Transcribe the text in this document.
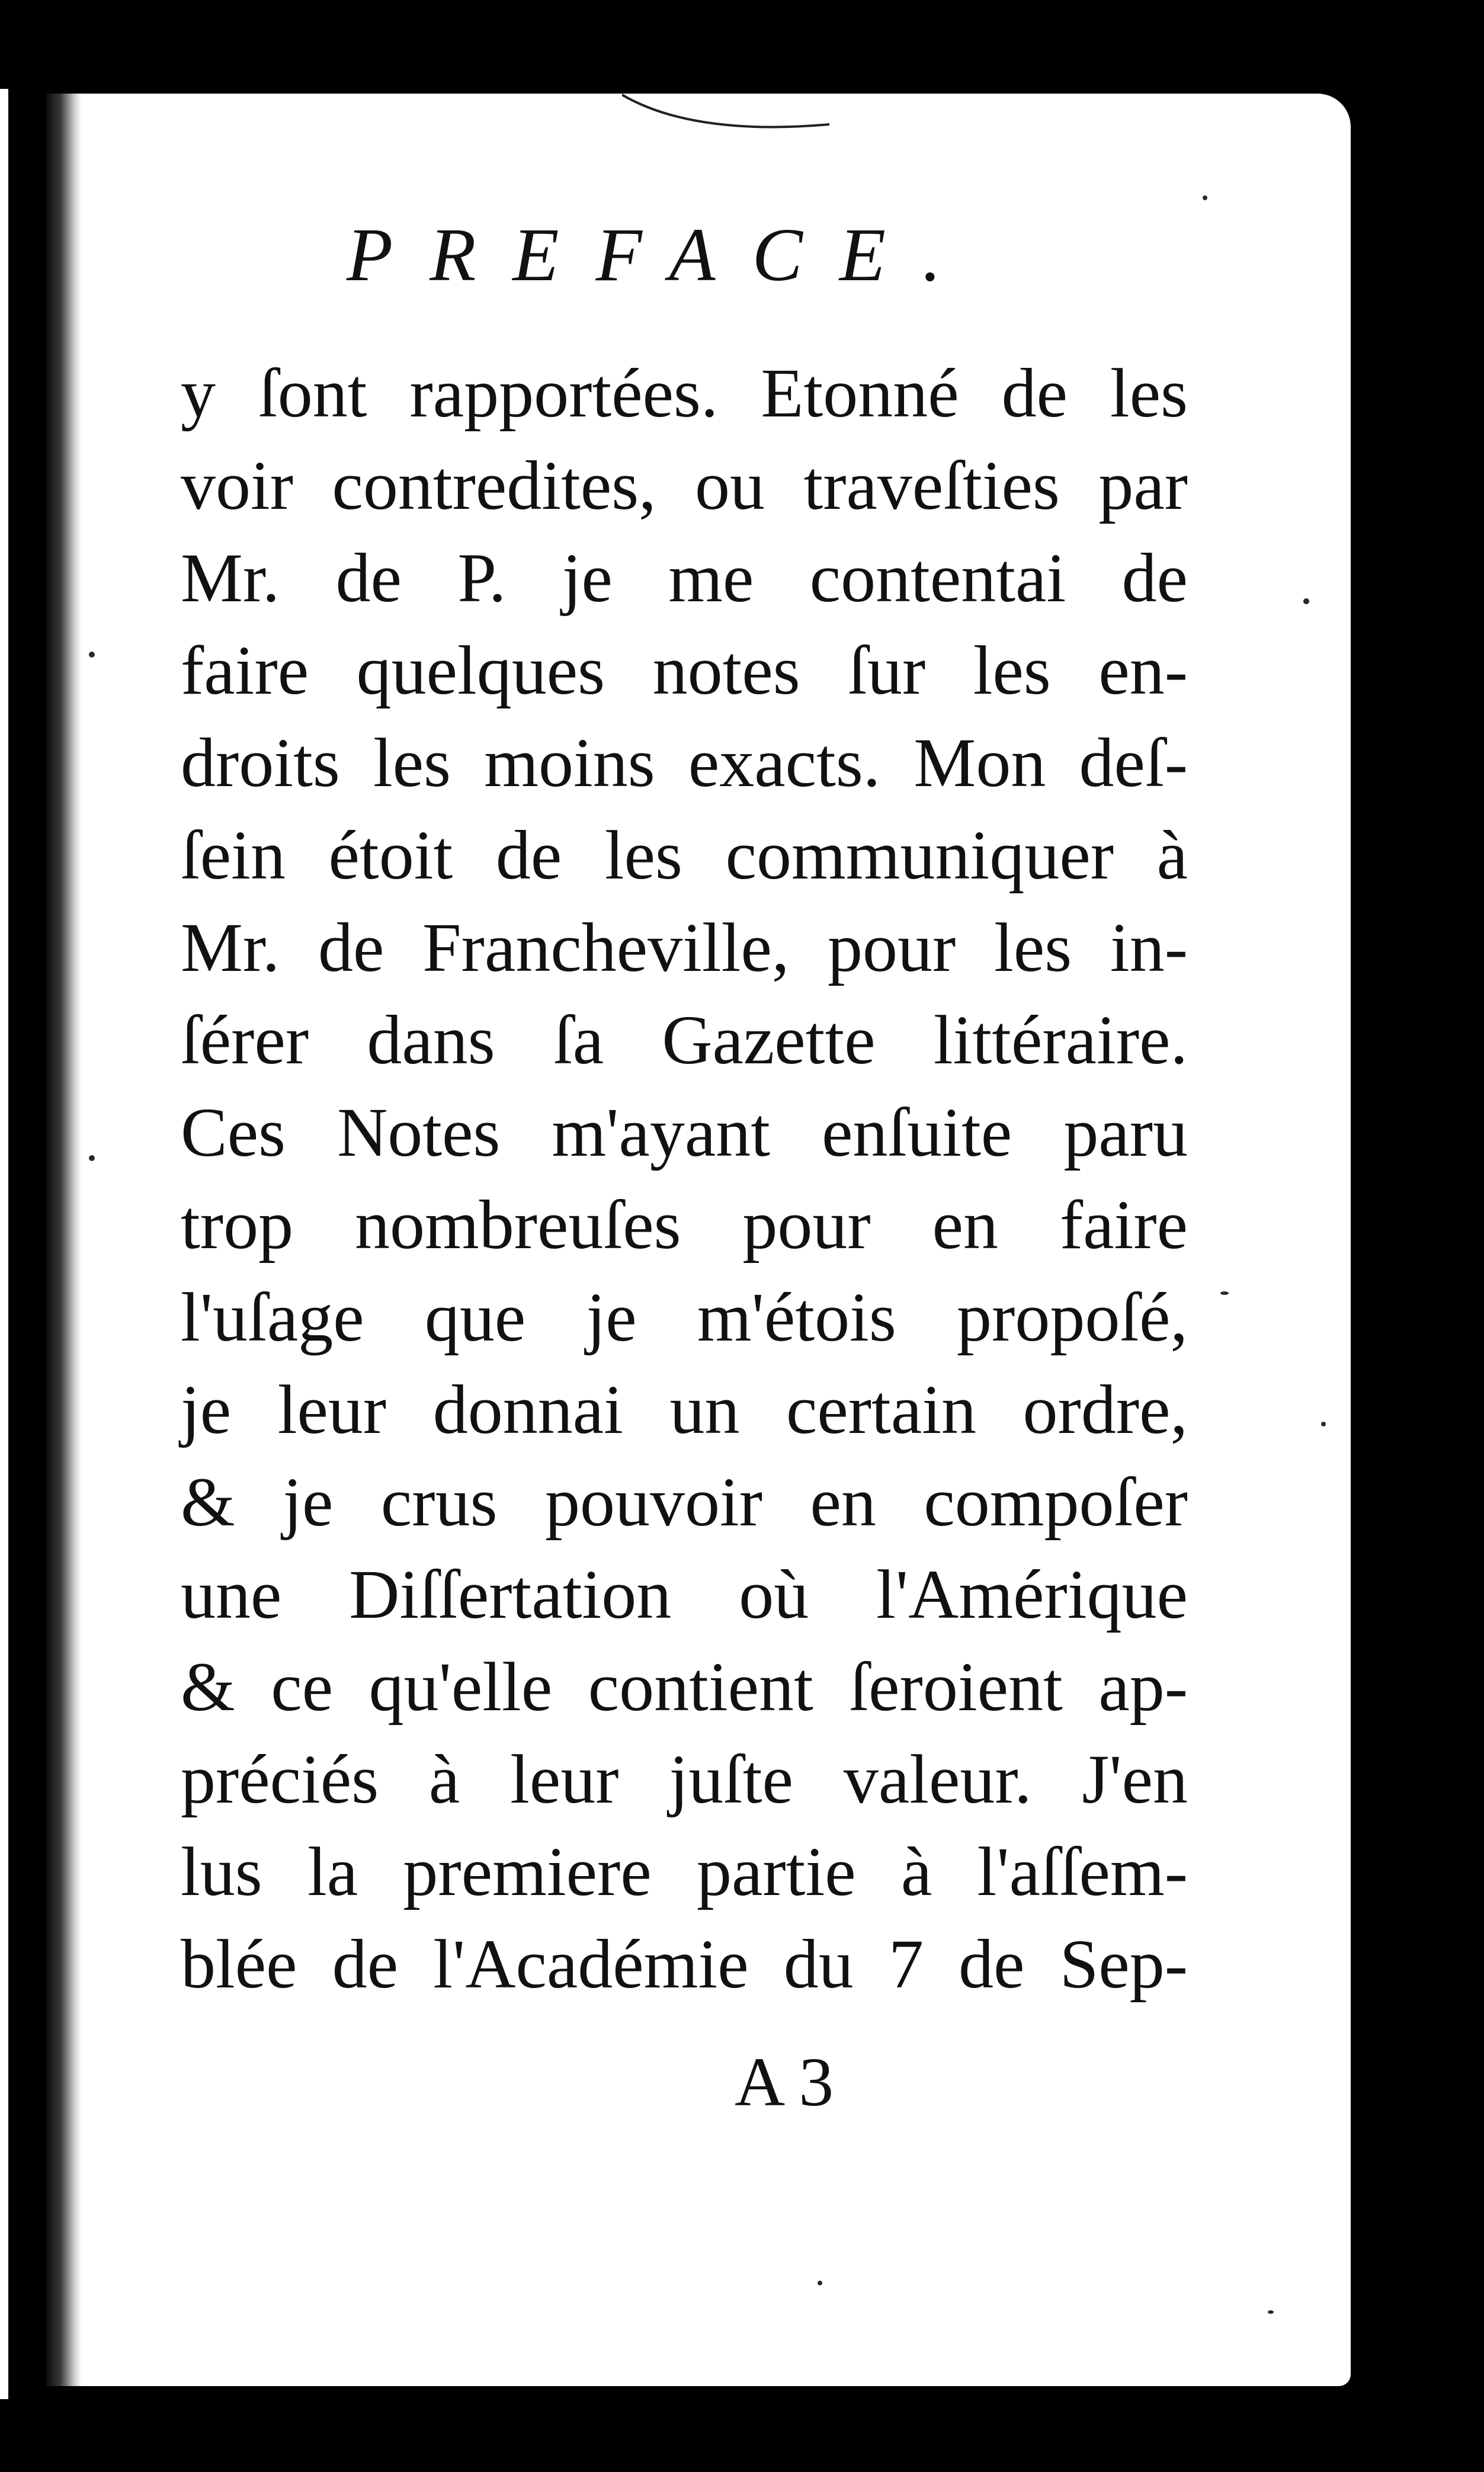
PREFACE.
y ſont rapportées. Etonné de les
voir contredites, ou traveſties par
Mr. de P. je me contentai de
faire quelques notes ſur les en-
droits les moins exacts. Mon deſ-
ſein étoit de les communiquer à
Mr. de Francheville, pour les in-
ſérer dans ſa Gazette littéraire.
Ces Notes m'ayant enſuite paru
trop nombreuſes pour en faire
l'uſage que je m'étois propoſé,
je leur donnai un certain ordre,
& je crus pouvoir en compoſer
une Diſſertation où l'Amérique
& ce qu'elle contient ſeroient ap-
préciés à leur juſte valeur. J'en
lus la premiere partie à l'aſſem-
blée de l'Académie du 7 de Sep-
A 3
